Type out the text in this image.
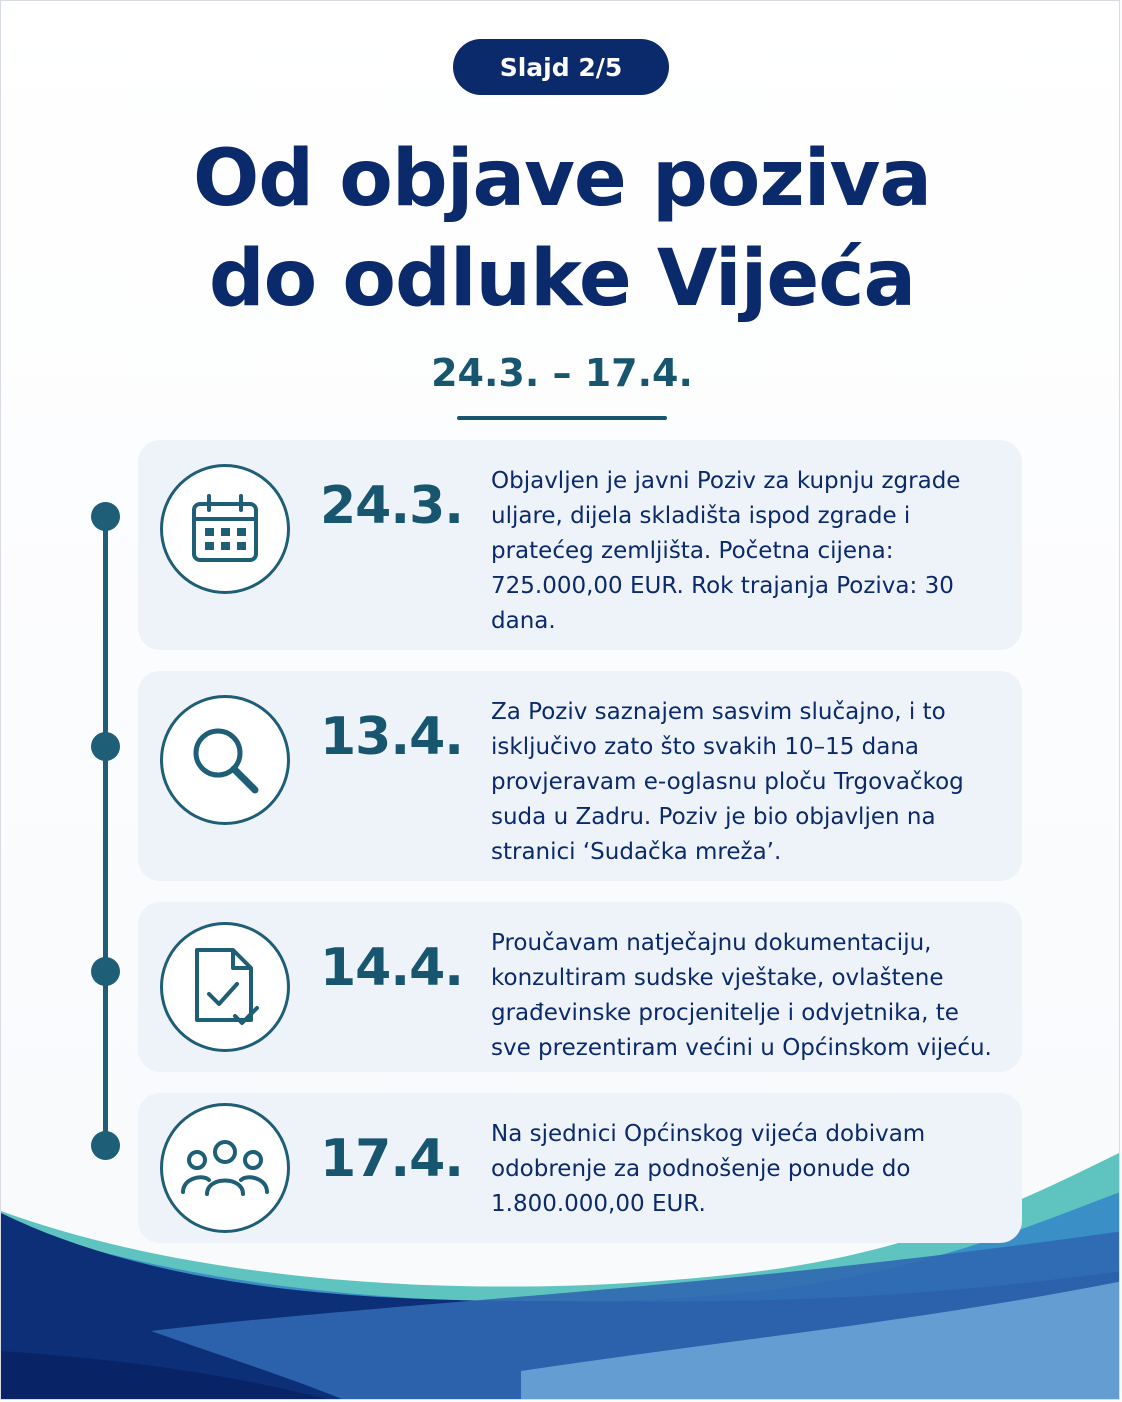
Slajd 2/5
Od objave poziva
do odluke Vijeća
24.3. – 17.4.
24.3. Objavljen je javni Poziv za kupnju zgrade uljare, dijela skladišta ispod zgrade i pratećeg zemljišta. Početna cijena: 725.000,00 EUR. Rok trajanja Poziva: 30 dana.
13.4. Za Poziv saznajem sasvim slučajno, i to isključivo zato što svakih 10–15 dana provjeravam e-oglasnu ploču Trgovačkog suda u Zadru. Poziv je bio objavljen na stranici ‘Sudačka mreža’.
14.4. Proučavam natječajnu dokumentaciju, konzultiram sudske vještake, ovlaštene građevinske procjenitelje i odvjetnika, te sve prezentiram većini u Općinskom vijeću.
17.4. Na sjednici Općinskog vijeća dobivam odobrenje za podnošenje ponude do 1.800.000,00 EUR.
